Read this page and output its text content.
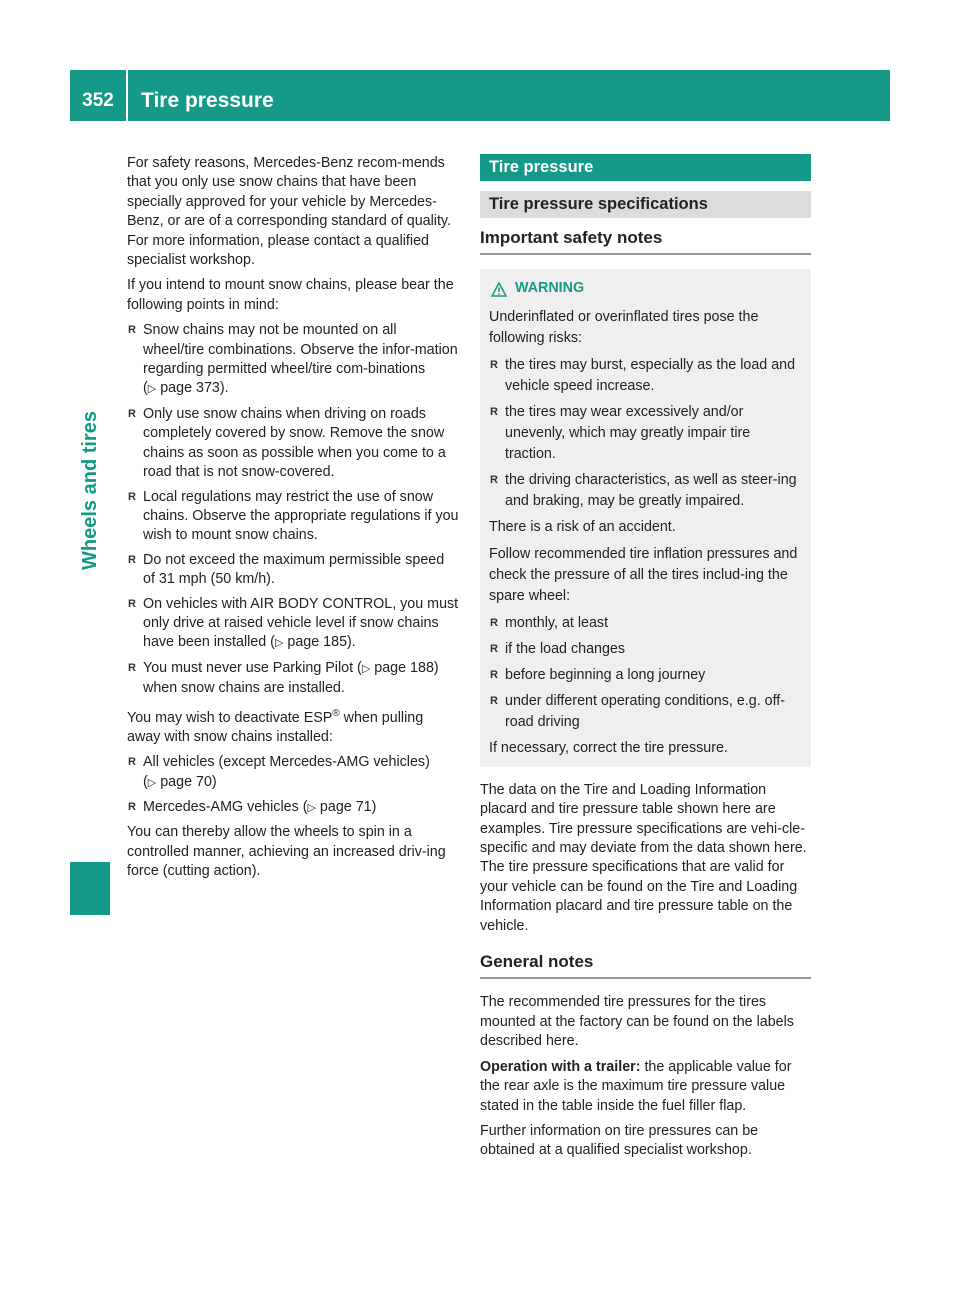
352	Tire pressure
Wheels and tires

For safety reasons, Mercedes-Benz recom-mends that you only use snow chains that have been specially approved for your vehicle by Mercedes-Benz, or are of a corresponding standard of quality. For more information, please contact a qualified specialist workshop.

If you intend to mount snow chains, please bear the following points in mind:

R Snow chains may not be mounted on all wheel/tire combinations. Observe the infor-mation regarding permitted wheel/tire com-binations (▷ page 373).
R Only use snow chains when driving on roads completely covered by snow. Remove the snow chains as soon as possible when you come to a road that is not snow-covered.
R Local regulations may restrict the use of snow chains. Observe the appropriate regulations if you wish to mount snow chains.
R Do not exceed the maximum permissible speed of 31 mph (50 km/h).
R On vehicles with AIR BODY CONTROL, you must only drive at raised vehicle level if snow chains have been installed (▷ page 185).
R You must never use Parking Pilot (▷ page 188) when snow chains are installed.

You may wish to deactivate ESP® when pulling away with snow chains installed:

R All vehicles (except Mercedes-AMG vehicles) (▷ page 70)
R Mercedes-AMG vehicles (▷ page 71)

You can thereby allow the wheels to spin in a controlled manner, achieving an increased driv-ing force (cutting action).

Tire pressure
Tire pressure specifications
Important safety notes
WARNING

Underinflated or overinflated tires pose the following risks:

R the tires may burst, especially as the load and vehicle speed increase.
R the tires may wear excessively and/or unevenly, which may greatly impair tire traction.
R the driving characteristics, as well as steer-ing and braking, may be greatly impaired.

There is a risk of an accident.

Follow recommended tire inflation pressures and check the pressure of all the tires includ-ing the spare wheel:

R monthly, at least
R if the load changes
R before beginning a long journey
R under different operating conditions, e.g. off-road driving

If necessary, correct the tire pressure.

The data on the Tire and Loading Information placard and tire pressure table shown here are examples. Tire pressure specifications are vehi-cle-specific and may deviate from the data shown here. The tire pressure specifications that are valid for your vehicle can be found on the Tire and Loading Information placard and tire pressure table on the vehicle.

General notes

The recommended tire pressures for the tires mounted at the factory can be found on the labels described here.

Operation with a trailer: the applicable value for the rear axle is the maximum tire pressure value stated in the table inside the fuel filler flap.

Further information on tire pressures can be obtained at a qualified specialist workshop.
